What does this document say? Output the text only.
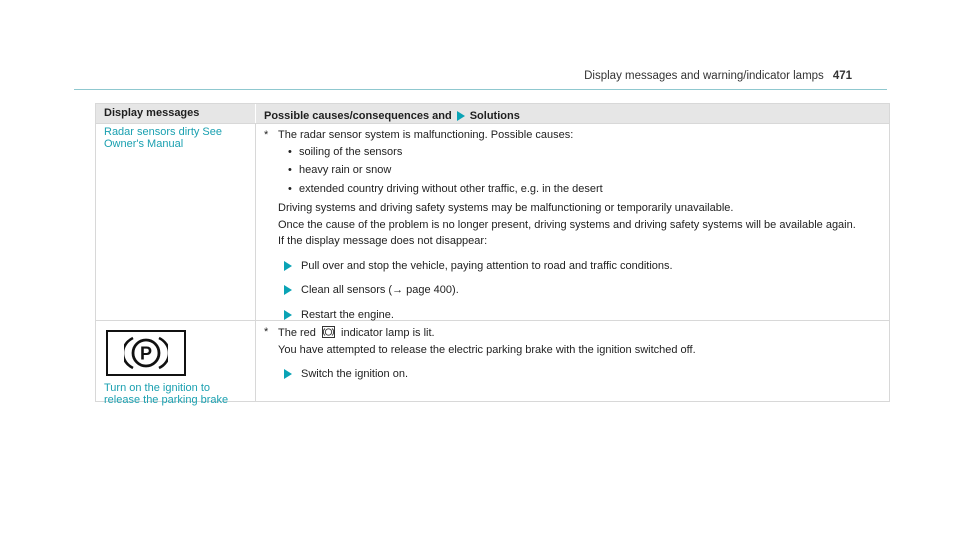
Display messages and warning/indicator lamps 471
Display messages	Possible causes/consequences and Solutions
Radar sensors dirty See
Owner's Manual
* The radar sensor system is malfunctioning. Possible causes:
• soiling of the sensors
• heavy rain or snow
• extended country driving without other traffic, e.g. in the desert

Driving systems and driving safety systems may be malfunctioning or temporarily unavailable.

Once the cause of the problem is no longer present, driving systems and driving safety systems will be available again.

If the display message does not disappear:

Pull over and stop the vehicle, paying attention to road and traffic conditions.
Clean all sensors (→ page 400).
Restart the engine.
P
Turn on the ignition to
release the parking brake
* The red indicator lamp is lit.

You have attempted to release the electric parking brake with the ignition switched off.

Switch the ignition on.
